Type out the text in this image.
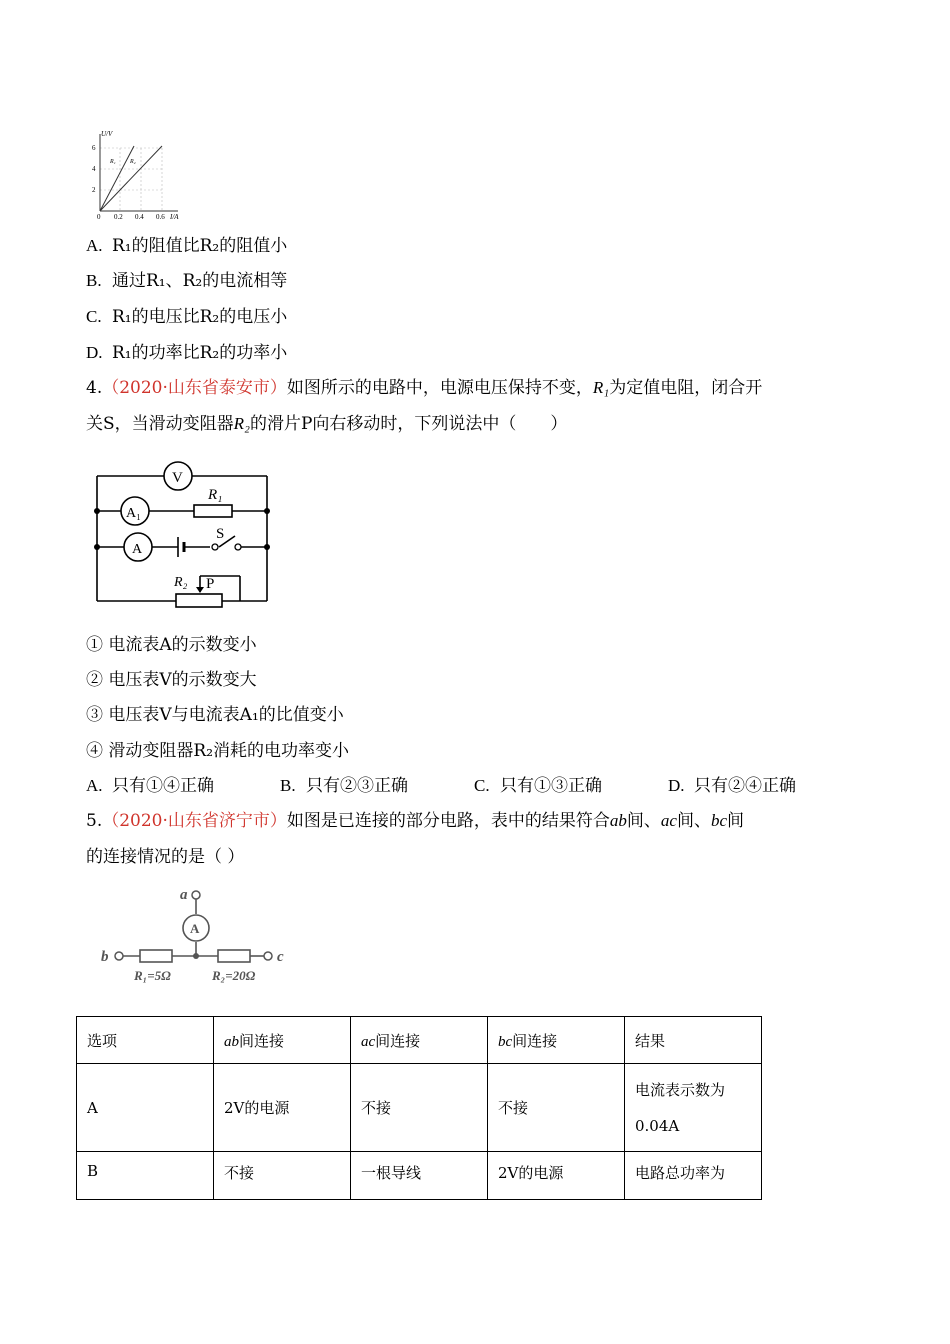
U/V
I/A
6
4
2
0 0.2 0.4 0.6
R₁ R₂
A. R₁的阻值比R₂的阻值小
B. 通过R₁、R₂的电流相等
C. R₁的电压比R₂的电压小
D. R₁的功率比R₂的功率小
4.（2020·山东省泰安市）如图所示的电路中，电源电压保持不变，R₁为定值电阻，闭合开
关S，当滑动变阻器R₂的滑片P向右移动时，下列说法中（　　）
V
A₁
A
R₁
S
R₂ P
① 电流表A的示数变小
② 电压表V的示数变大
③ 电压表V与电流表A₁的比值变小
④ 滑动变阻器R₂消耗的电功率变小
A. 只有①④正确	B. 只有②③正确	C. 只有①③正确	D. 只有②④正确
5.（2020·山东省济宁市）如图是已连接的部分电路，表中的结果符合ab间、ac间、bc间
的连接情况的是（ ）
A
a
b	c
R₁=5Ω	R₂=20Ω
选项	ab间连接	ac间连接	bc间连接	结果
A	2V的电源	不接	不接	电流表示数为
0.04A
B	不接	一根导线	2V的电源	电路总功率为
